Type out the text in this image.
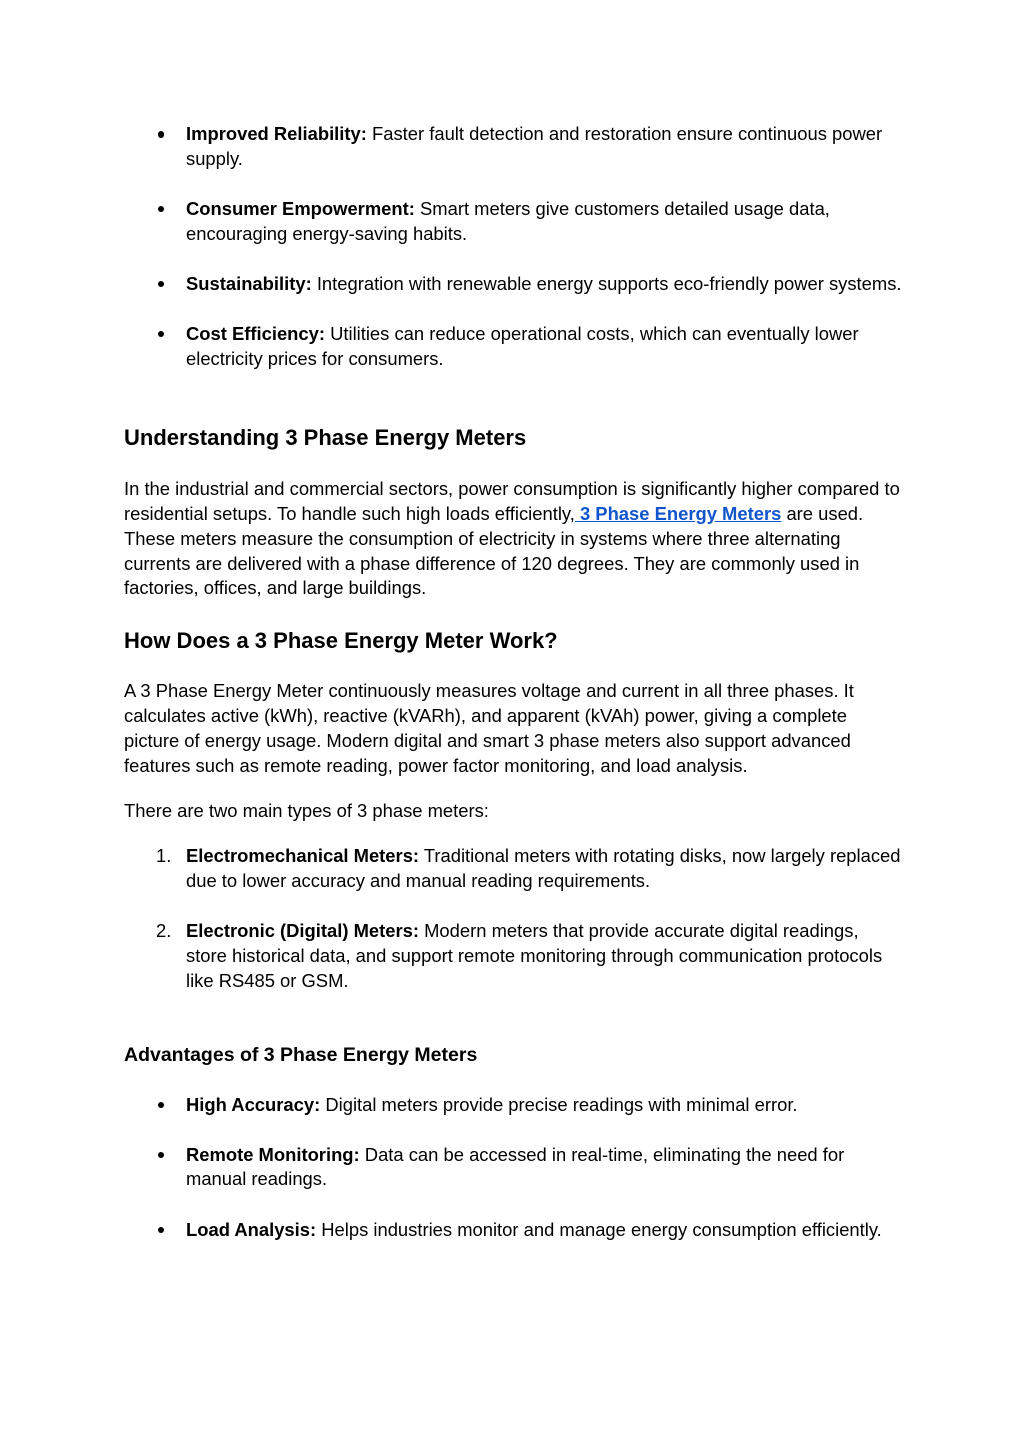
Improved Reliability: Faster fault detection and restoration ensure continuous power supply.
Consumer Empowerment: Smart meters give customers detailed usage data, encouraging energy-saving habits.
Sustainability: Integration with renewable energy supports eco-friendly power systems.
Cost Efficiency: Utilities can reduce operational costs, which can eventually lower electricity prices for consumers.
Understanding 3 Phase Energy Meters

In the industrial and commercial sectors, power consumption is significantly higher compared to residential setups. To handle such high loads efficiently, 3 Phase Energy Meters are used. These meters measure the consumption of electricity in systems where three alternating currents are delivered with a phase difference of 120 degrees. They are commonly used in factories, offices, and large buildings.

How Does a 3 Phase Energy Meter Work?

A 3 Phase Energy Meter continuously measures voltage and current in all three phases. It calculates active (kWh), reactive (kVARh), and apparent (kVAh) power, giving a complete picture of energy usage. Modern digital and smart 3 phase meters also support advanced features such as remote reading, power factor monitoring, and load analysis.

There are two main types of 3 phase meters:

1. Electromechanical Meters: Traditional meters with rotating disks, now largely replaced due to lower accuracy and manual reading requirements.
2. Electronic (Digital) Meters: Modern meters that provide accurate digital readings, store historical data, and support remote monitoring through communication protocols like RS485 or GSM.
Advantages of 3 Phase Energy Meters
High Accuracy: Digital meters provide precise readings with minimal error.
Remote Monitoring: Data can be accessed in real-time, eliminating the need for manual readings.
Load Analysis: Helps industries monitor and manage energy consumption efficiently.
